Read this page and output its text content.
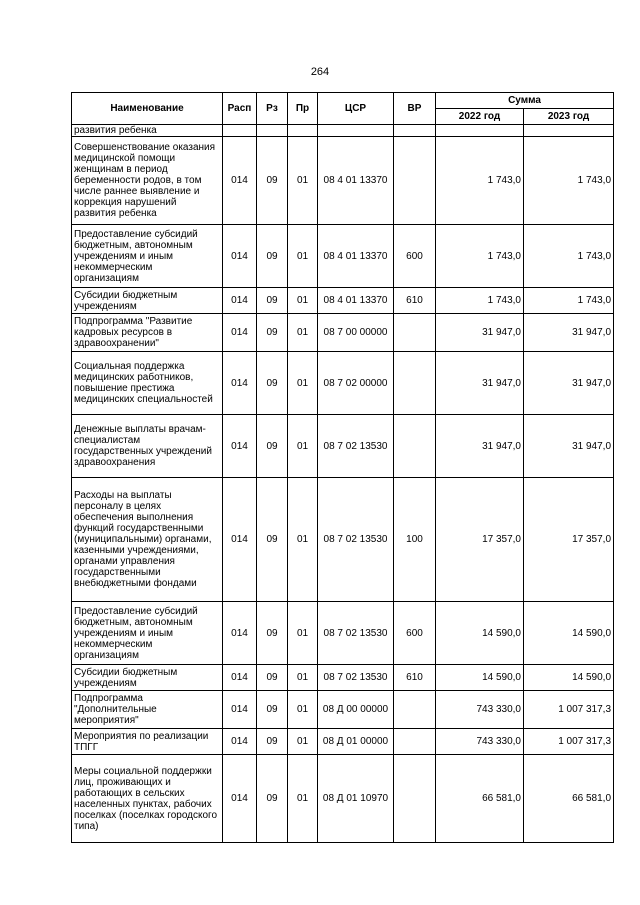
264
Наименование	Расп	Рз	Пр	ЦСР	ВР	Сумма	
						2022 год	2023 год
развития ребенка							
Совершенствование оказания медицинской помощи женщинам в период беременности родов, в том числе раннее выявление и коррекция нарушений развития ребенка	014	09	01	08 4 01 13370		1 743,0	1 743,0
Предоставление субсидий бюджетным, автономным учреждениям и иным некоммерческим организациям	014	09	01	08 4 01 13370	600	1 743,0	1 743,0
Субсидии бюджетным учреждениям	014	09	01	08 4 01 13370	610	1 743,0	1 743,0
Подпрограмма "Развитие кадровых ресурсов в здравоохранении"	014	09	01	08 7 00 00000		31 947,0	31 947,0
Социальная поддержка медицинских работников, повышение престижа медицинских специальностей	014	09	01	08 7 02 00000		31 947,0	31 947,0
Денежные выплаты врачам-специалистам государственных учреждений здравоохранения	014	09	01	08 7 02 13530		31 947,0	31 947,0
Расходы на выплаты персоналу в целях обеспечения выполнения функций государственными (муниципальными) органами, казенными учреждениями, органами управления государственными внебюджетными фондами	014	09	01	08 7 02 13530	100	17 357,0	17 357,0
Предоставление субсидий бюджетным, автономным учреждениям и иным некоммерческим организациям	014	09	01	08 7 02 13530	600	14 590,0	14 590,0
Субсидии бюджетным учреждениям	014	09	01	08 7 02 13530	610	14 590,0	14 590,0
Подпрограмма "Дополнительные мероприятия"	014	09	01	08 Д 00 00000		743 330,0	1 007 317,3
Мероприятия по реализации ТПГГ	014	09	01	08 Д 01 00000		743 330,0	1 007 317,3
Меры социальной поддержки лиц, проживающих и работающих в сельских населенных пунктах, рабочих поселках (поселках городского типа)	014	09	01	08 Д 01 10970		66 581,0	66 581,0
